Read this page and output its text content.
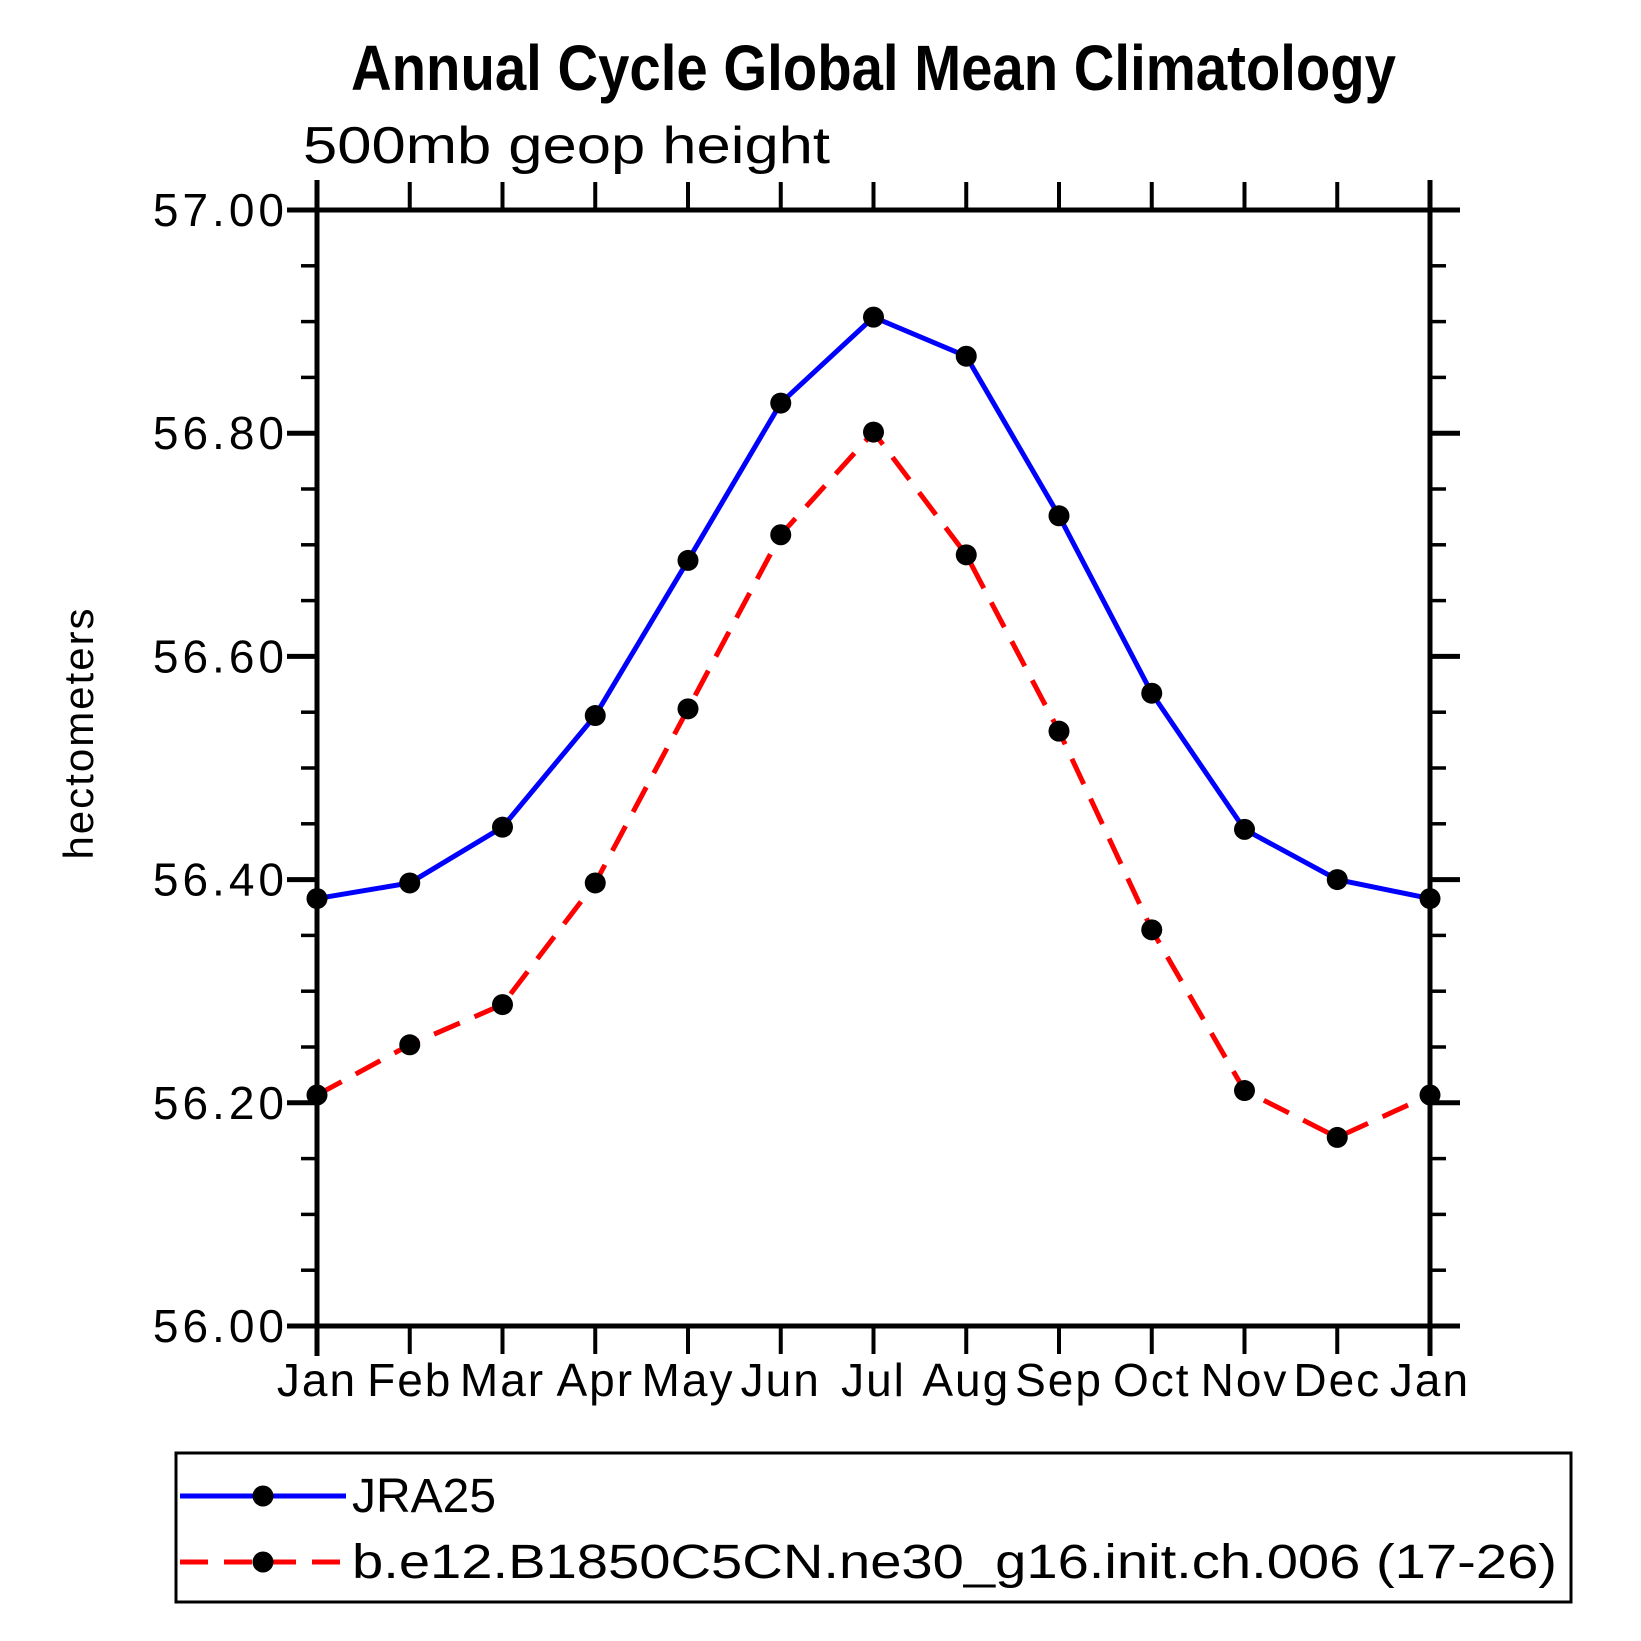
Annual Cycle Global Mean Climatology
500mb geop height
hectometers
56.00
56.20
56.40
56.60
56.80
57.00
Jan Feb Mar Apr May Jun Jul Aug Sep Oct Nov Dec Jan
JRA25
b.e12.B1850C5CN.ne30_g16.init.ch.006 (17-26)
